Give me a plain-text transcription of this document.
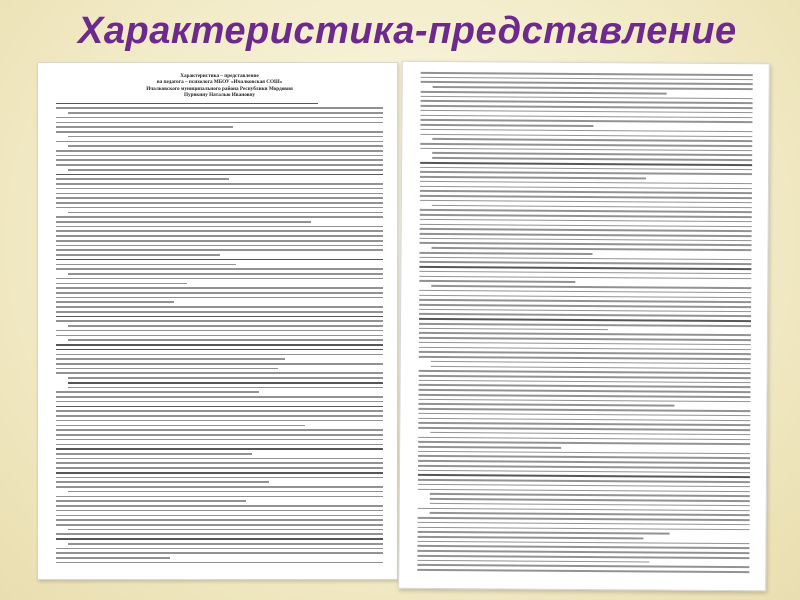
Характеристика-представление
Характеристика – представление
на педагога – психолога МБОУ «Ичалковская СОШ»
Ичалковского муниципального района Республики Мордовия
Пурвкину Наталью Ивановну
